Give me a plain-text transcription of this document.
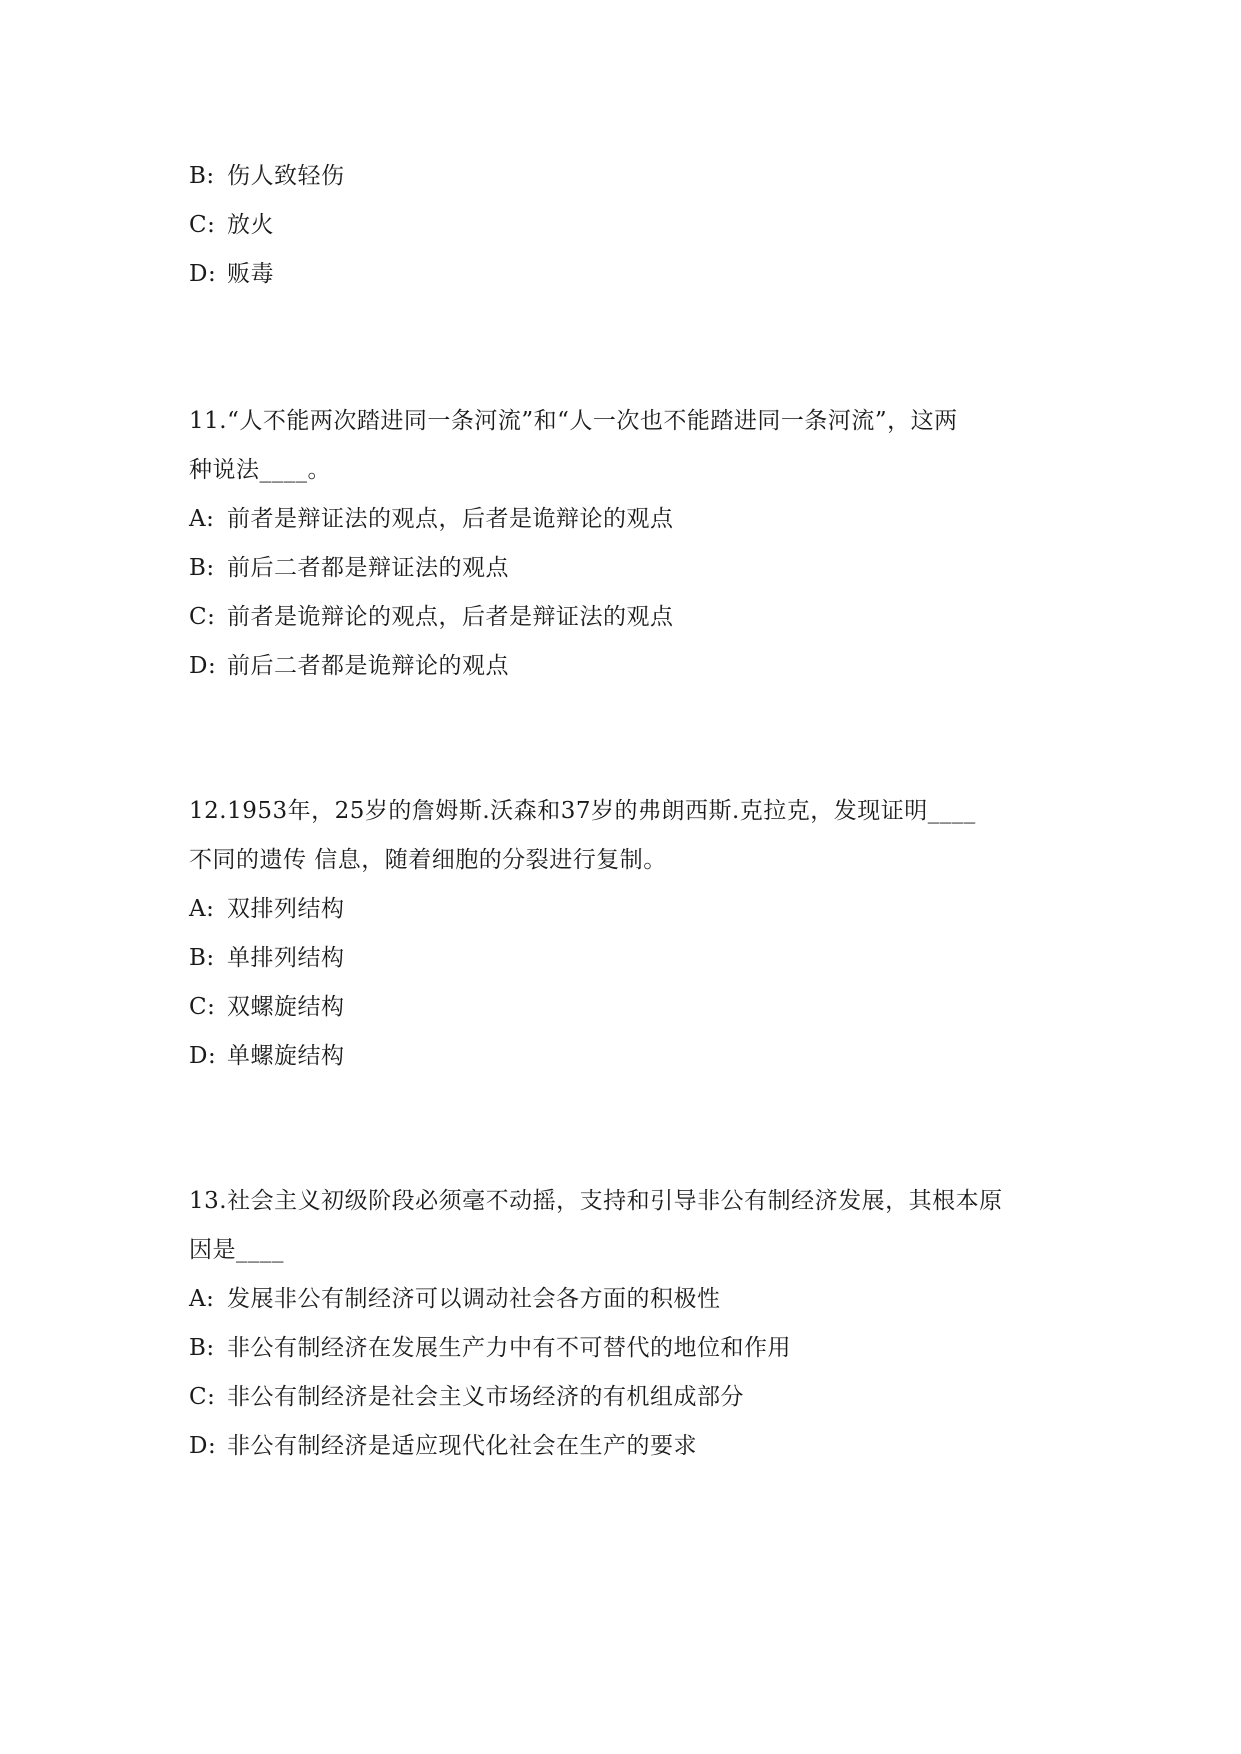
B: 伤人致轻伤
C: 放火
D: 贩毒
11.“人不能两次踏进同一条河流”和“人一次也不能踏进同一条河流”，这两
种说法____。
A: 前者是辩证法的观点，后者是诡辩论的观点
B: 前后二者都是辩证法的观点
C: 前者是诡辩论的观点，后者是辩证法的观点
D: 前后二者都是诡辩论的观点
12.1953年，25岁的詹姆斯.沃森和37岁的弗朗西斯.克拉克，发现证明____
不同的遗传 信息，随着细胞的分裂进行复制。
A: 双排列结构
B: 单排列结构
C: 双螺旋结构
D: 单螺旋结构
13.社会主义初级阶段必须毫不动摇，支持和引导非公有制经济发展，其根本原
因是____
A: 发展非公有制经济可以调动社会各方面的积极性
B: 非公有制经济在发展生产力中有不可替代的地位和作用
C: 非公有制经济是社会主义市场经济的有机组成部分
D: 非公有制经济是适应现代化社会在生产的要求
